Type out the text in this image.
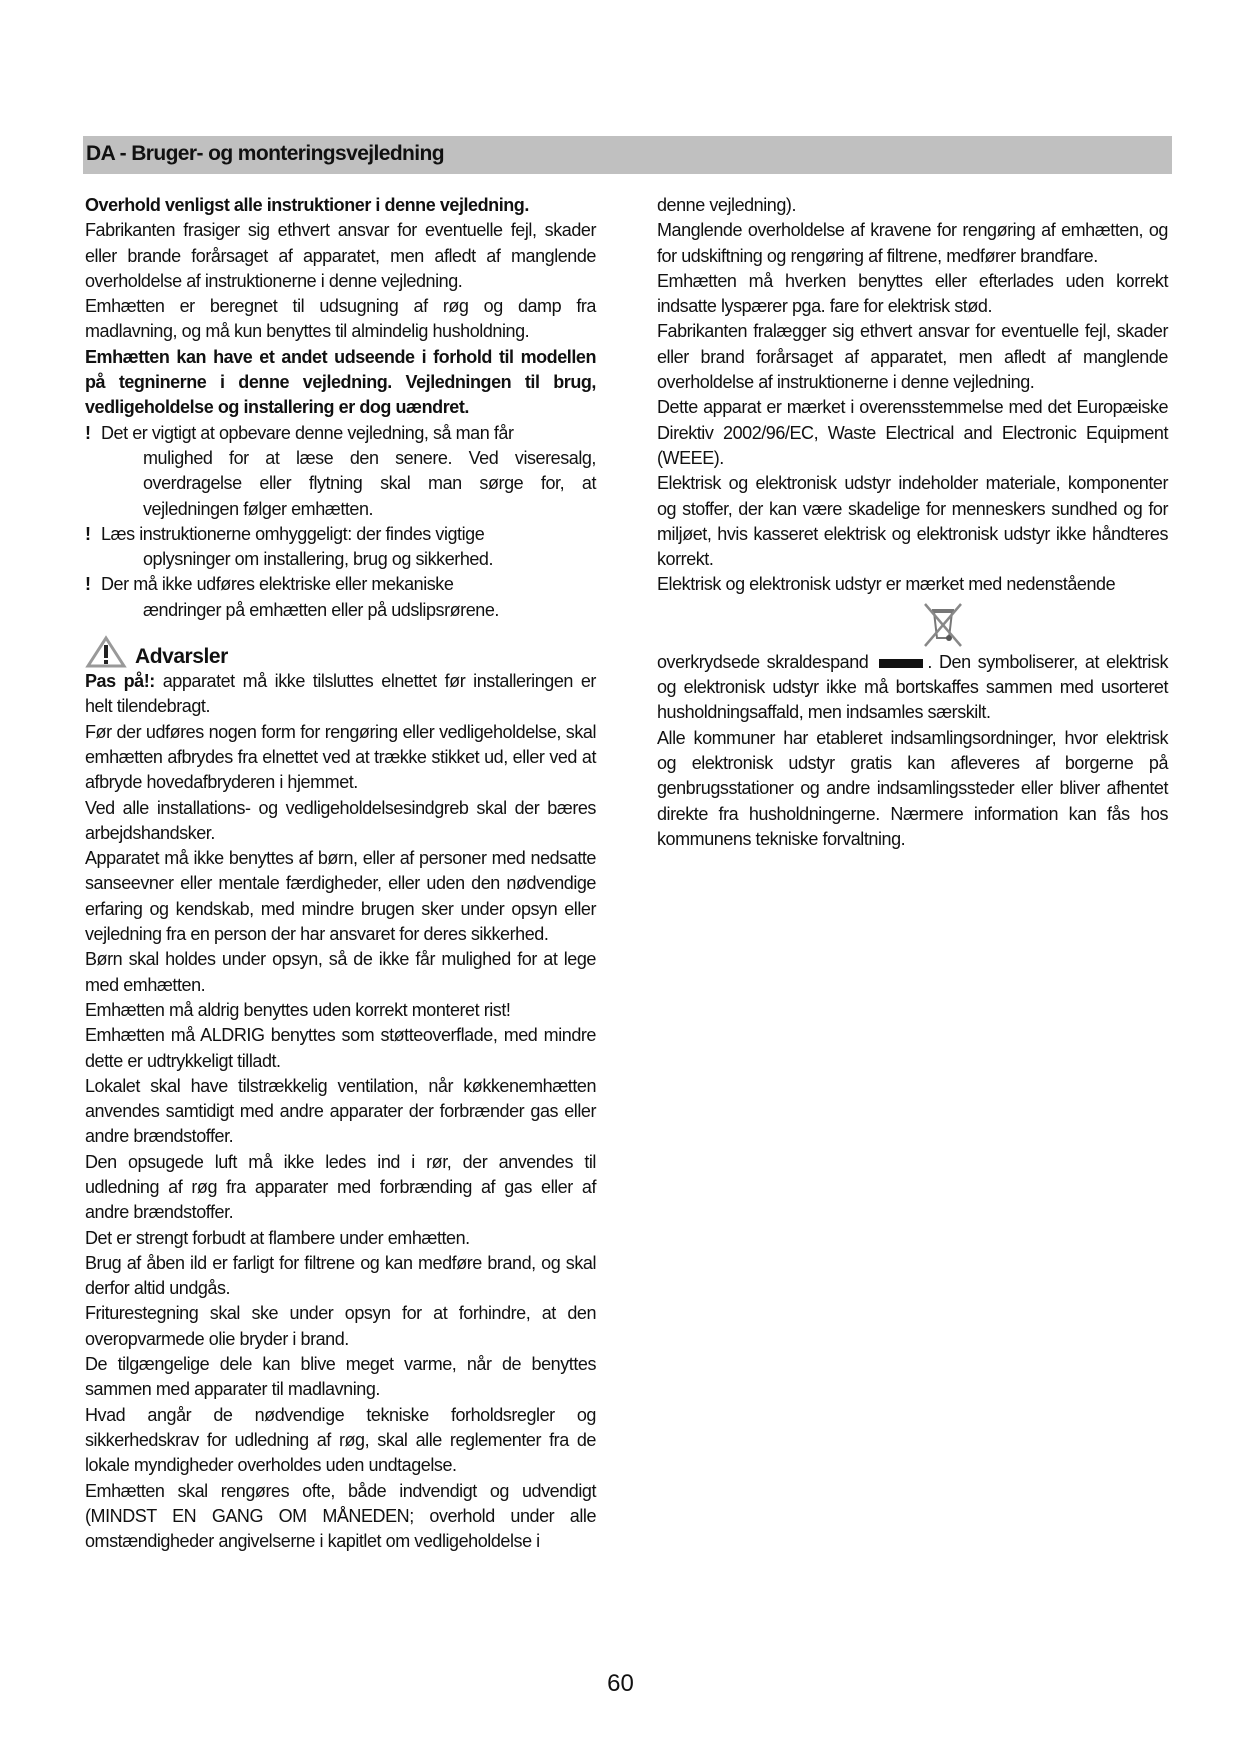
DA - Bruger- og monteringsvejledning

Overhold venligst alle instruktioner i denne vejledning.

Fabrikanten frasiger sig ethvert ansvar for eventuelle fejl, skader eller brande forårsaget af apparatet, men afledt af manglende overholdelse af instruktionerne i denne vejledning.

Emhætten er beregnet til udsugning af røg og damp fra madlavning, og må kun benyttes til almindelig husholdning.

Emhætten kan have et andet udseende i forhold til modellen på tegninerne i denne vejledning. Vejledningen til brug, vedligeholdelse og installering er dog uændret.

! Det er vigtigt at opbevare denne vejledning, så man får
mulighed for at læse den senere. Ved viseresalg, overdragelse eller flytning skal man sørge for, at vejledningen følger emhætten.
! Læs instruktionerne omhyggeligt: der findes vigtige
oplysninger om installering, brug og sikkerhed.
! Der må ikke udføres elektriske eller mekaniske
ændringer på emhætten eller på udslipsrørene.
Advarsler

Pas på!: apparatet må ikke tilsluttes elnettet før installeringen er helt tilendebragt.

Før der udføres nogen form for rengøring eller vedligeholdelse, skal emhætten afbrydes fra elnettet ved at trække stikket ud, eller ved at afbryde hovedafbryderen i hjemmet.

Ved alle installations- og vedligeholdelsesindgreb skal der bæres arbejdshandsker.

Apparatet må ikke benyttes af børn, eller af personer med nedsatte sanseevner eller mentale færdigheder, eller uden den nødvendige erfaring og kendskab, med mindre brugen sker under opsyn eller vejledning fra en person der har ansvaret for deres sikkerhed.

Børn skal holdes under opsyn, så de ikke får mulighed for at lege med emhætten.

Emhætten må aldrig benyttes uden korrekt monteret rist!

Emhætten må ALDRIG benyttes som støtteoverflade, med mindre dette er udtrykkeligt tilladt.

Lokalet skal have tilstrækkelig ventilation, når køkkenemhætten anvendes samtidigt med andre apparater der forbrænder gas eller andre brændstoffer.

Den opsugede luft må ikke ledes ind i rør, der anvendes til udledning af røg fra apparater med forbrænding af gas eller af andre brændstoffer.

Det er strengt forbudt at flambere under emhætten.

Brug af åben ild er farligt for filtrene og kan medføre brand, og skal derfor altid undgås.

Friturestegning skal ske under opsyn for at forhindre, at den overopvarmede olie bryder i brand.

De tilgængelige dele kan blive meget varme, når de benyttes sammen med apparater til madlavning.

Hvad angår de nødvendige tekniske forholdsregler og sikkerhedskrav for udledning af røg, skal alle reglementer fra de lokale myndigheder overholdes uden undtagelse.

Emhætten skal rengøres ofte, både indvendigt og udvendigt (MINDST EN GANG OM MÅNEDEN; overhold under alle omstændigheder angivelserne i kapitlet om vedligeholdelse i

denne vejledning).

Manglende overholdelse af kravene for rengøring af emhætten, og for udskiftning og rengøring af filtrene, medfører brandfare.

Emhætten må hverken benyttes eller efterlades uden korrekt indsatte lyspærer pga. fare for elektrisk stød.

Fabrikanten fralægger sig ethvert ansvar for eventuelle fejl, skader eller brand forårsaget af apparatet, men afledt af manglende overholdelse af instruktionerne i denne vejledning.

Dette apparat er mærket i overensstemmelse med det Europæiske Direktiv 2002/96/EC, Waste Electrical and Electronic Equipment (WEEE).

Elektrisk og elektronisk udstyr indeholder materiale, komponenter og stoffer, der kan være skadelige for menneskers sundhed og for miljøet, hvis kasseret elektrisk og elektronisk udstyr ikke håndteres korrekt.

Elektrisk og elektronisk udstyr er mærket med nedenstående

overkrydsede skraldespand	. Den symboliserer, at elektrisk og elektronisk udstyr ikke må bortskaffes sammen med usorteret husholdningsaffald, men indsamles særskilt.

Alle kommuner har etableret indsamlingsordninger, hvor elektrisk og elektronisk udstyr gratis kan afleveres af borgerne på genbrugsstationer og andre indsamlingssteder eller bliver afhentet direkte fra husholdningerne. Nærmere information kan fås hos kommunens tekniske forvaltning.

60
